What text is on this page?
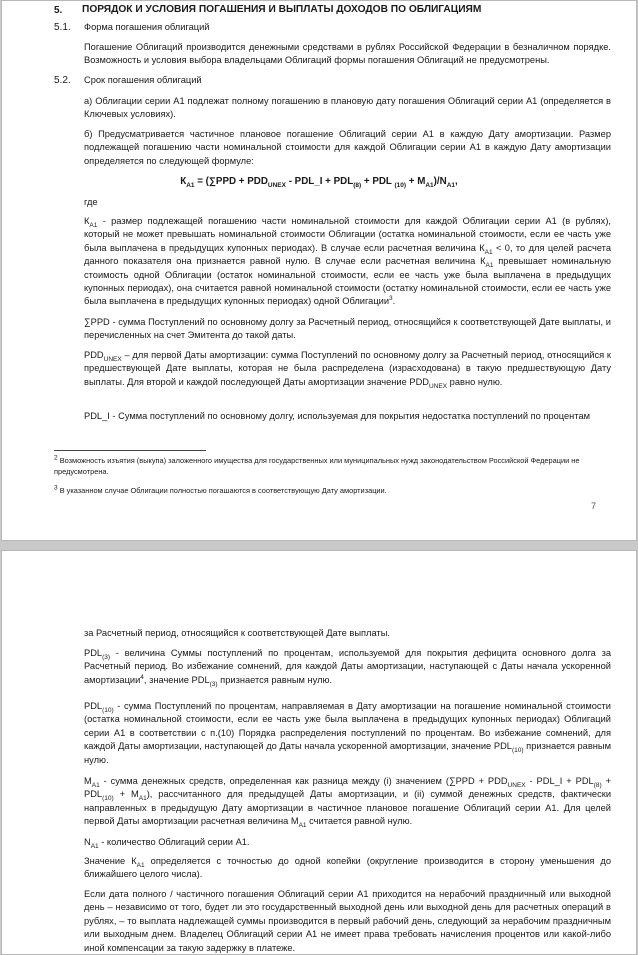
5. ПОРЯДОК И УСЛОВИЯ ПОГАШЕНИЯ И ВЫПЛАТЫ ДОХОДОВ ПО ОБЛИГАЦИЯМ
5.1. Форма погашения облигаций
Погашение Облигаций производится денежными средствами в рублях Российской Федерации в безналичном порядке. Возможность и условия выбора владельцами Облигаций формы погашения Облигаций не предусмотрены.
5.2. Срок погашения облигаций
а) Облигации серии А1 подлежат полному погашению в плановую дату погашения Облигаций серии А1 (определяется в Ключевых условиях).
б) Предусматривается частичное плановое погашение Облигаций серии А1 в каждую Дату амортизации. Размер подлежащей погашению части номинальной стоимости для каждой Облигации серии А1 в каждую Дату амортизации определяется по следующей формуле:
$К_{А1} = (\sum PPD + PDD_{UNEX}$ - PDL_I + $PDL_{(8)}$ + PDL $_{(10)} + M_{А1})/N_{А1}$,
где
$К_{А1}$ - размер подлежащей погашению части номинальной стоимости для каждой Облигации серии А1 (в рублях), который не может превышать номинальной стоимости Облигации (остатка номинальной стоимости, если ее часть уже была выплачена в предыдущих купонных периодах). В случае если расчетная величина $К_{А1} < 0$, то для целей расчета данного показателя она признается равной нулю. В случае если расчетная величина $К_{А1}$ превышает номинальную стоимость одной Облигации (остаток номинальной стоимости, если ее часть уже была выплачена в предыдущих купонных периодах), она считается равной номинальной стоимости (остатку номинальной стоимости, если ее часть уже была выплачена в предыдущих купонных периодах) одной Облигации$^3$.
∑PPD - сумма Поступлений по основному долгу за Расчетный период, относящийся к соответствующей Дате выплаты, и перечисленных на счет Эмитента до такой даты.
$PDD_{UNEX}$ – для первой Даты амортизации: сумма Поступлений по основному долгу за Расчетный период, относящийся к предшествующей Дате выплаты, которая не была распределена (израсходована) в такую предшествующую Дату выплаты. Для второй и каждой последующей Даты амортизации значение $PDD_{UNEX}$ равно нулю.
PDL_I - Сумма поступлений по основному долгу, используемая для покрытия недостатка поступлений по процентам
$^2$ Возможность изъятия (выкупа) заложенного имущества для государственных или муниципальных нужд законодательством Российской Федерации не предусмотрена.
$^3$ В указанном случае Облигации полностью погашаются в соответствующую Дату амортизации.
7
за Расчетный период, относящийся к соответствующей Дате выплаты.
$PDL_{(3)}$ - величина Суммы поступлений по процентам, используемой для покрытия дефицита основного долга за Расчетный период. Во избежание сомнений, для каждой Даты амортизации, наступающей с Даты начала ускоренной амортизации$^4$, значение $PDL_{(3)}$ признается равным нулю.
$PDL_{(10)}$ - сумма Поступлений по процентам, направляемая в Дату амортизации на погашение номинальной стоимости (остатка номинальной стоимости, если ее часть уже была выплачена в предыдущих купонных периодах) Облигаций серии А1 в соответствии с п.(10) Порядка распределения поступлений по процентам. Во избежание сомнений, для каждой Даты амортизации, наступающей до Даты начала ускоренной амортизации, значение $PDL_{(10)}$ признается равным нулю.
$M_{А1}$ - сумма денежных средств, определенная как разница между (i) значением ($\sum PPD + PDD_{UNEX}$ - PDL_I + $PDL_{(8)} + PDL_{(10)} + M_{А1}$), рассчитанного для предыдущей Даты амортизации, и (ii) суммой денежных средств, фактически направленных в предыдущую Дату амортизации в частичное плановое погашение Облигаций серии А1. Для целей первой Даты амортизации расчетная величина $M_{А1}$ считается равной нулю.
$N_{А1}$ - количество Облигаций серии А1.
Значение $К_{А1}$ определяется с точностью до одной копейки (округление производится в сторону уменьшения до ближайшего целого числа).
Если дата полного / частичного погашения Облигаций серии А1 приходится на нерабочий праздничный или выходной день – независимо от того, будет ли это государственный выходной день или выходной день для расчетных операций в рублях, – то выплата надлежащей суммы производится в первый рабочий день, следующий за нерабочим праздничным или выходным днем. Владелец Облигаций серии А1 не имеет права требовать начисления процентов или какой-либо иной компенсации за такую задержку в платеже.
